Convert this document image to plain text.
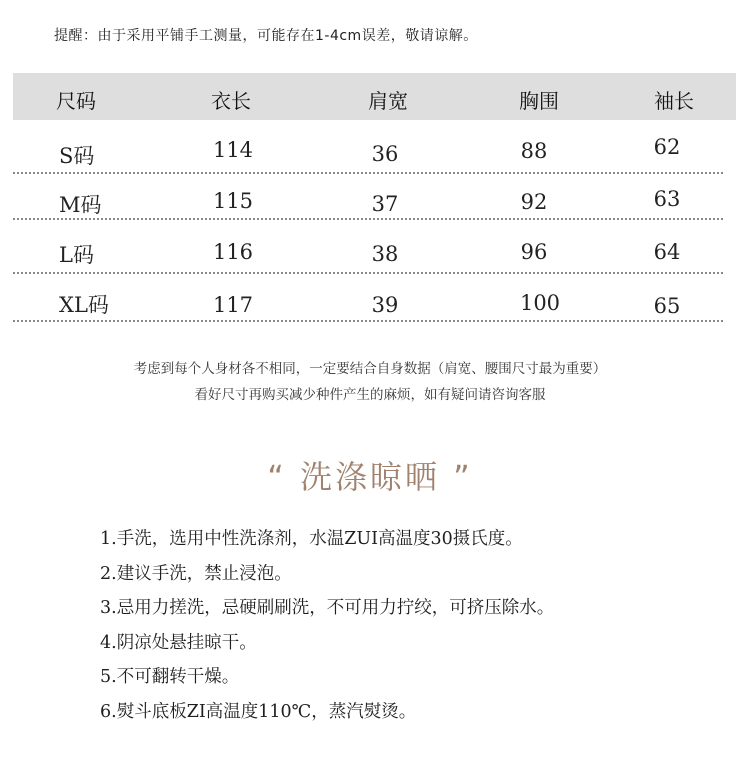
提醒：由于采用平铺手工测量，可能存在1-4cm误差，敬请谅解。
尺码	衣长	肩宽	胸围	袖长
S码	114	36	88	62
M码	115	37	92	63
L码	116	38	96	64
XL码	117	39	100	65
考虑到每个人身材各不相同，一定要结合自身数据（肩宽、腰围尺寸最为重要）
看好尺寸再购买减少种件产生的麻烦，如有疑问请咨询客服
“ 洗涤晾晒 ”
1.手洗，选用中性洗涤剂，水温ZUI高温度30摄氏度。
2.建议手洗，禁止浸泡。
3.忌用力搓洗，忌硬刷刷洗，不可用力拧绞，可挤压除水。
4.阴凉处悬挂晾干。
5.不可翻转干燥。
6.熨斗底板ZI高温度110℃，蒸汽熨烫。
